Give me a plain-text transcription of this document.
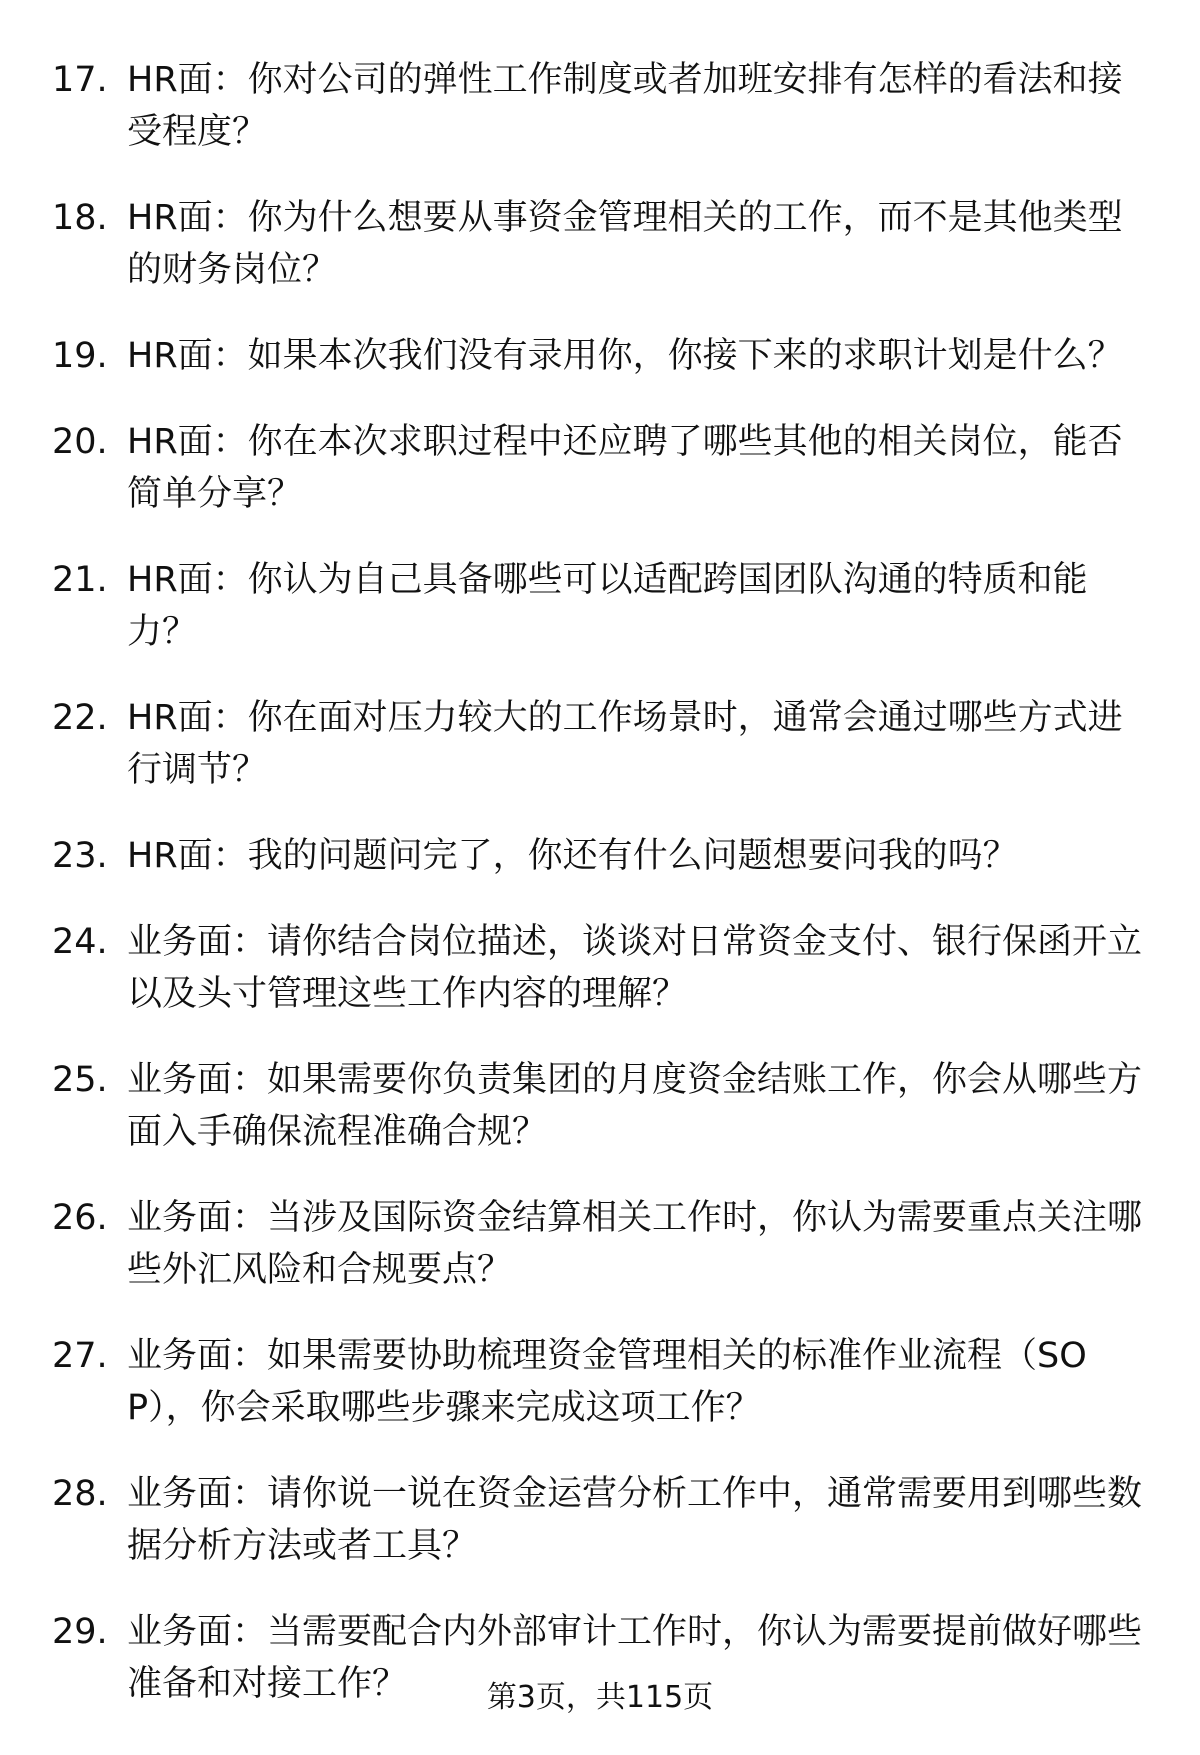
17. HR面：你对公司的弹性工作制度或者加班安排有怎样的看法和接受程度？
18. HR面：你为什么想要从事资金管理相关的工作，而不是其他类型的财务岗位？
19. HR面：如果本次我们没有录用你，你接下来的求职计划是什么？
20. HR面：你在本次求职过程中还应聘了哪些其他的相关岗位，能否简单分享？
21. HR面：你认为自己具备哪些可以适配跨国团队沟通的特质和能力？
22. HR面：你在面对压力较大的工作场景时，通常会通过哪些方式进行调节？
23. HR面：我的问题问完了，你还有什么问题想要问我的吗？
24. 业务面：请你结合岗位描述，谈谈对日常资金支付、银行保函开立以及头寸管理这些工作内容的理解？
25. 业务面：如果需要你负责集团的月度资金结账工作，你会从哪些方面入手确保流程准确合规？
26. 业务面：当涉及国际资金结算相关工作时，你认为需要重点关注哪些外汇风险和合规要点？
27. 业务面：如果需要协助梳理资金管理相关的标准作业流程（SOP），你会采取哪些步骤来完成这项工作？
28. 业务面：请你说一说在资金运营分析工作中，通常需要用到哪些数据分析方法或者工具？
29. 业务面：当需要配合内外部审计工作时，你认为需要提前做好哪些准备和对接工作？	第3页，共115页
